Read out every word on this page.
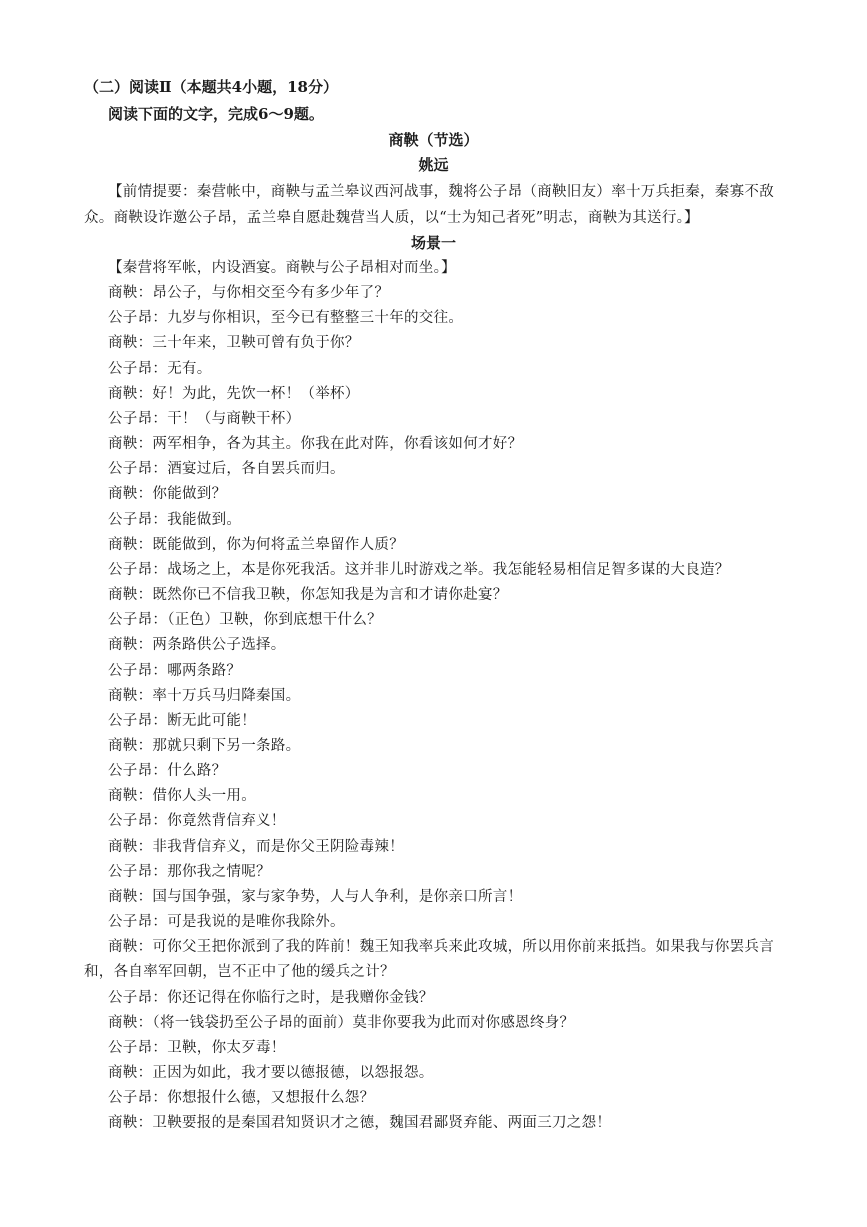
（二）阅读Ⅱ（本题共4小题，18分）
阅读下面的文字，完成6～9题。
商鞅（节选）
姚远
【前情提要：秦营帐中，商鞅与孟兰皋议西河战事，魏将公子昂（商鞅旧友）率十万兵拒秦，秦寡不敌众。商鞅设诈邀公子昂，孟兰皋自愿赴魏营当人质，以“士为知己者死”明志，商鞅为其送行。】
场景一

【秦营将军帐，内设酒宴。商鞅与公子昂相对而坐。】

商鞅：昂公子，与你相交至今有多少年了？

公子昂：九岁与你相识，至今已有整整三十年的交往。

商鞅：三十年来，卫鞅可曾有负于你？

公子昂：无有。

商鞅：好！为此，先饮一杯！（举杯）

公子昂：干！（与商鞅干杯）

商鞅：两军相争，各为其主。你我在此对阵，你看该如何才好？

公子昂：酒宴过后，各自罢兵而归。

商鞅：你能做到？

公子昂：我能做到。

商鞅：既能做到，你为何将孟兰皋留作人质？

公子昂：战场之上，本是你死我活。这并非儿时游戏之举。我怎能轻易相信足智多谋的大良造？

商鞅：既然你已不信我卫鞅，你怎知我是为言和才请你赴宴？

公子昂：（正色）卫鞅，你到底想干什么？

商鞅：两条路供公子选择。

公子昂：哪两条路？

商鞅：率十万兵马归降秦国。

公子昂：断无此可能！

商鞅：那就只剩下另一条路。

公子昂：什么路？

商鞅：借你人头一用。

公子昂：你竟然背信弃义！

商鞅：非我背信弃义，而是你父王阴险毒辣！

公子昂：那你我之情呢？

商鞅：国与国争强，家与家争势，人与人争利，是你亲口所言！

公子昂：可是我说的是唯你我除外。

商鞅：可你父王把你派到了我的阵前！魏王知我率兵来此攻城，所以用你前来抵挡。如果我与你罢兵言和，各自率军回朝，岂不正中了他的缓兵之计？

公子昂：你还记得在你临行之时，是我赠你金钱？

商鞅：（将一钱袋扔至公子昂的面前）莫非你要我为此而对你感恩终身？

公子昂：卫鞅，你太歹毒！

商鞅：正因为如此，我才要以德报德，以怨报怨。

公子昂：你想报什么德，又想报什么怨？

商鞅：卫鞅要报的是秦国君知贤识才之德，魏国君鄙贤弃能、两面三刀之怨！
